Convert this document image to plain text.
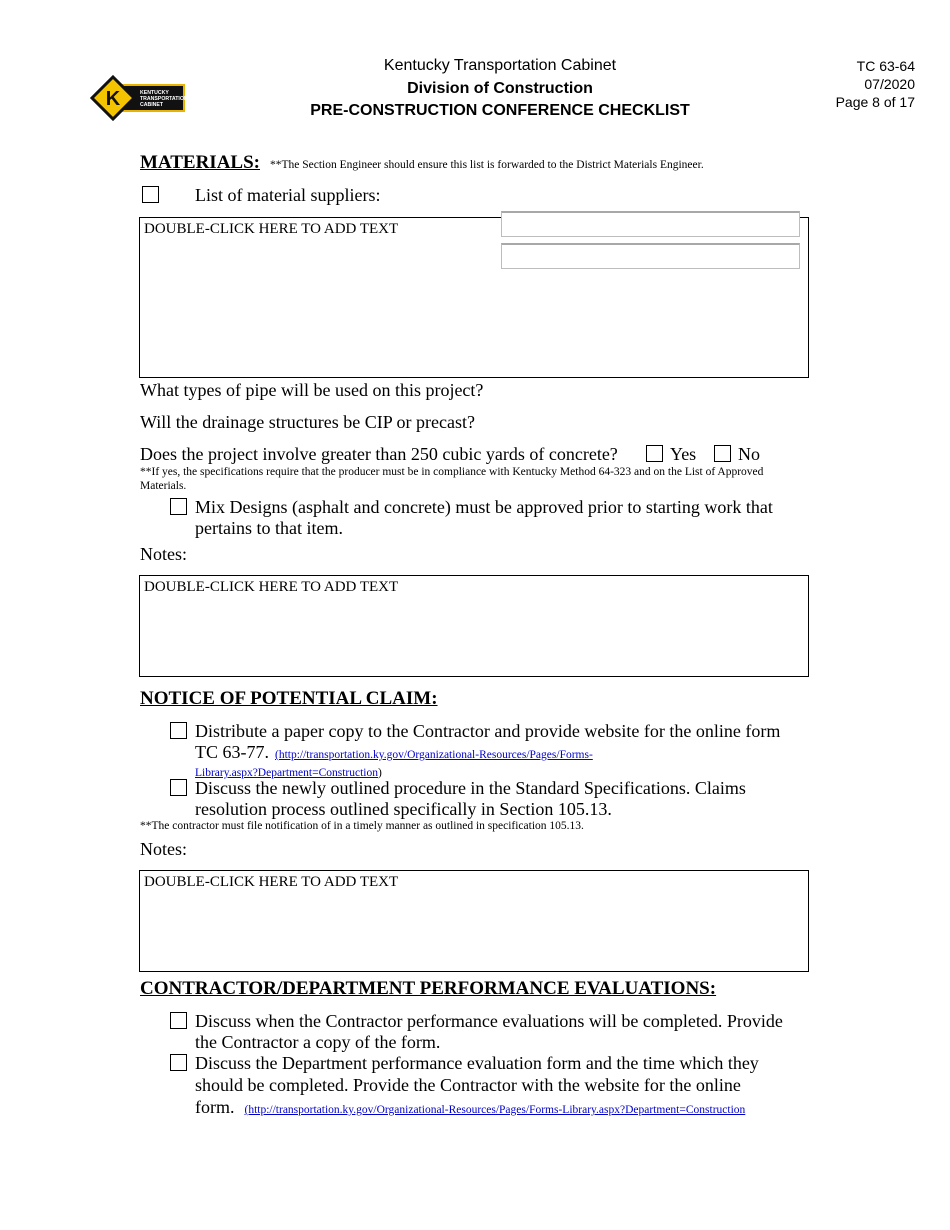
K	KENTUCKY
TRANSPORTATION
CABINET
Kentucky Transportation Cabinet
Division of Construction
PRE-CONSTRUCTION CONFERENCE CHECKLIST
TC 63-64
07/2020
Page 8 of 17
MATERIALS: **The Section Engineer should ensure this list is forwarded to the District Materials Engineer.
List of material suppliers:
DOUBLE-CLICK HERE TO ADD TEXT
What types of pipe will be used on this project?
Will the drainage structures be CIP or precast?
Does the project involve greater than 250 cubic yards of concrete?	Yes No
**If yes, the specifications require that the producer must be in compliance with Kentucky Method 64-323 and on the List of Approved Materials.
Mix Designs (asphalt and concrete) must be approved prior to starting work that
pertains to that item.
Notes:
DOUBLE-CLICK HERE TO ADD TEXT
NOTICE OF POTENTIAL CLAIM:
Distribute a paper copy to the Contractor and provide website for the online form
TC 63-77. (http://transportation.ky.gov/Organizational-Resources/Pages/Forms-
Library.aspx?Department=Construction)
Discuss the newly outlined procedure in the Standard Specifications. Claims
resolution process outlined specifically in Section 105.13.
**The contractor must file notification of in a timely manner as outlined in specification 105.13.
Notes:
DOUBLE-CLICK HERE TO ADD TEXT
CONTRACTOR/DEPARTMENT PERFORMANCE EVALUATIONS:
Discuss when the Contractor performance evaluations will be completed. Provide
the Contractor a copy of the form.
Discuss the Department performance evaluation form and the time which they
should be completed. Provide the Contractor with the website for the online
form. (http://transportation.ky.gov/Organizational-Resources/Pages/Forms-Library.aspx?Department=Construction
